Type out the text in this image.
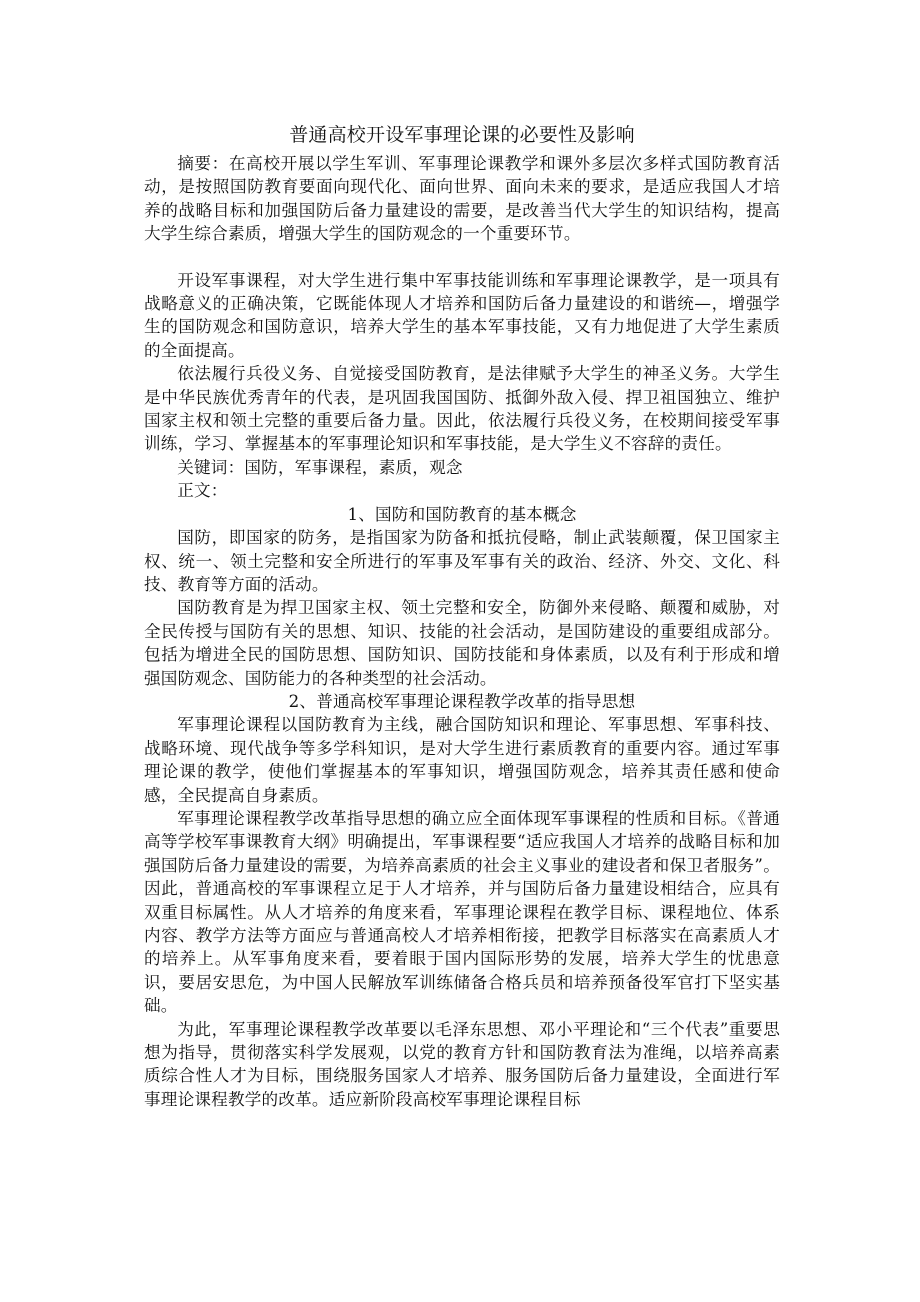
普通高校开设军事理论课的必要性及影响

摘要：在高校开展以学生军训、军事理论课教学和课外多层次多样式国防教育活动，是按照国防教育要面向现代化、面向世界、面向未来的要求，是适应我国人才培养的战略目标和加强国防后备力量建设的需要，是改善当代大学生的知识结构，提高大学生综合素质，增强大学生的国防观念的一个重要环节。

开设军事课程，对大学生进行集中军事技能训练和军事理论课教学，是一项具有战略意义的正确决策，它既能体现人才培养和国防后备力量建设的和谐统—，增强学生的国防观念和国防意识，培养大学生的基本军事技能，又有力地促进了大学生素质的全面提高。

依法履行兵役义务、自觉接受国防教育，是法律赋予大学生的神圣义务。大学生是中华民族优秀青年的代表，是巩固我国国防、抵御外敌入侵、捍卫祖国独立、维护国家主权和领土完整的重要后备力量。因此，依法履行兵役义务，在校期间接受军事训练，学习、掌握基本的军事理论知识和军事技能，是大学生义不容辞的责任。

关键词：国防，军事课程，素质，观念

正文：

1、国防和国防教育的基本概念

国防，即国家的防务，是指国家为防备和抵抗侵略，制止武装颠覆，保卫国家主权、统一、领土完整和安全所进行的军事及军事有关的政治、经济、外交、文化、科技、教育等方面的活动。

国防教育是为捍卫国家主权、领土完整和安全，防御外来侵略、颠覆和威胁，对全民传授与国防有关的思想、知识、技能的社会活动，是国防建设的重要组成部分。包括为增进全民的国防思想、国防知识、国防技能和身体素质，以及有利于形成和增强国防观念、国防能力的各种类型的社会活动。

2、普通高校军事理论课程教学改革的指导思想

军事理论课程以国防教育为主线，融合国防知识和理论、军事思想、军事科技、战略环境、现代战争等多学科知识，是对大学生进行素质教育的重要内容。通过军事理论课的教学，使他们掌握基本的军事知识，增强国防观念，培养其责任感和使命感，全民提高自身素质。

军事理论课程教学改革指导思想的确立应全面体现军事课程的性质和目标。《普通高等学校军事课教育大纲》明确提出，军事课程要“适应我国人才培养的战略目标和加强国防后备力量建设的需要，为培养高素质的社会主义事业的建设者和保卫者服务”。因此，普通高校的军事课程立足于人才培养，并与国防后备力量建设相结合，应具有双重目标属性。从人才培养的角度来看，军事理论课程在教学目标、课程地位、体系内容、教学方法等方面应与普通高校人才培养相衔接，把教学目标落实在高素质人才的培养上。从军事角度来看，要着眼于国内国际形势的发展，培养大学生的忧患意识，要居安思危，为中国人民解放军训练储备合格兵员和培养预备役军官打下坚实基础。

为此，军事理论课程教学改革要以毛泽东思想、邓小平理论和“三个代表”重要思想为指导，贯彻落实科学发展观，以党的教育方针和国防教育法为准绳，以培养高素质综合性人才为目标，围绕服务国家人才培养、服务国防后备力量建设，全面进行军事理论课程教学的改革。适应新阶段高校军事理论课程目标
